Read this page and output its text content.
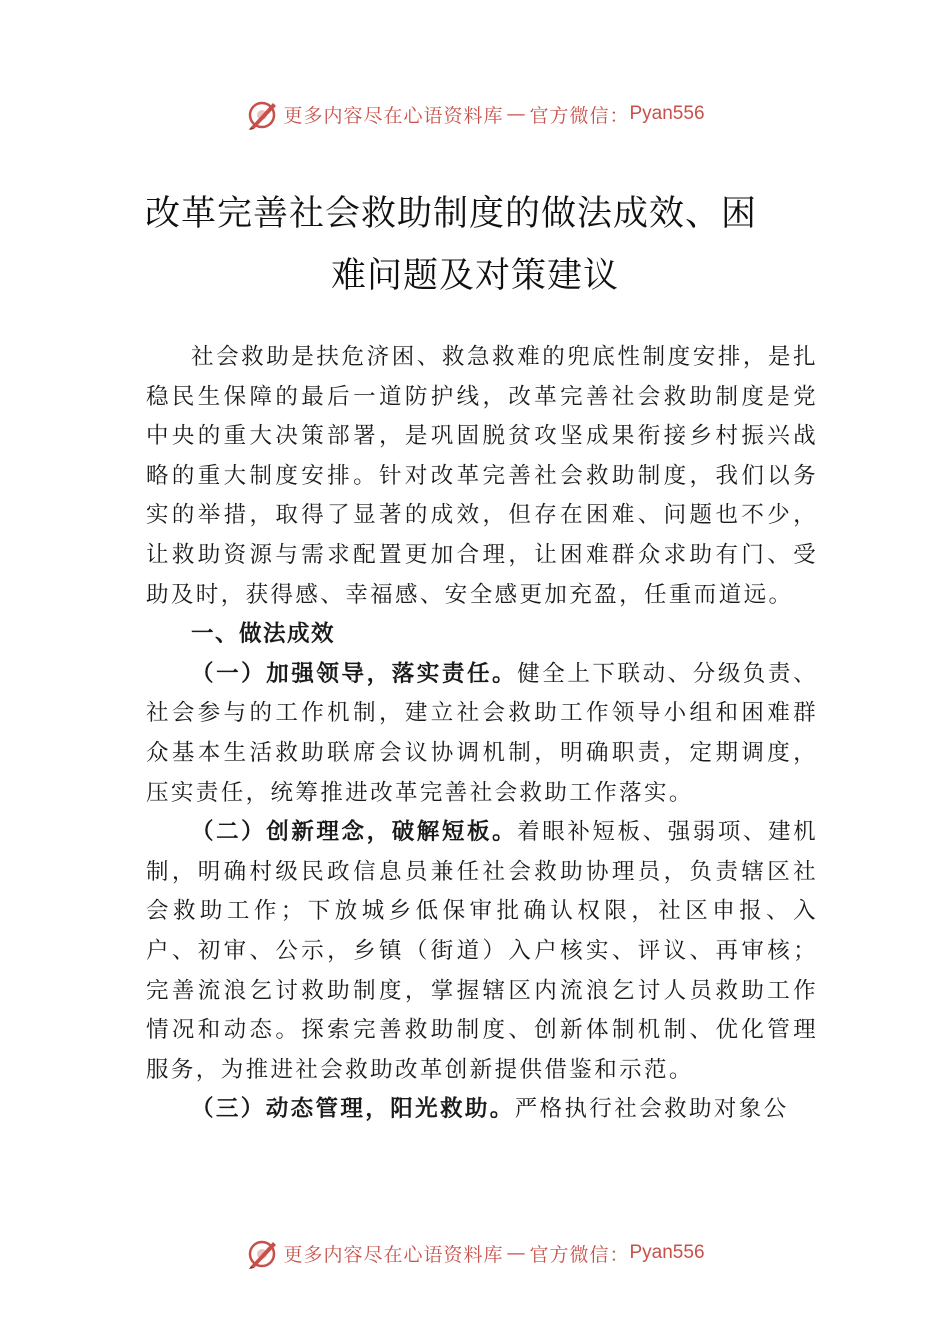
更多内容尽在心语资料库 — 官方微信： Pyan556
改革完善社会救助制度的做法成效、困
难问题及对策建议

社会救助是扶危济困、救急救难的兜底性制度安排，是扎稳民生保障的最后一道防护线，改革完善社会救助制度是党中央的重大决策部署，是巩固脱贫攻坚成果衔接乡村振兴战略的重大制度安排。针对改革完善社会救助制度，我们以务实的举措，取得了显著的成效，但存在困难、问题也不少，让救助资源与需求配置更加合理，让困难群众求助有门、受助及时，获得感、幸福感、安全感更加充盈，任重而道远。

一、做法成效

（一）加强领导，落实责任。健全上下联动、分级负责、社会参与的工作机制，建立社会救助工作领导小组和困难群众基本生活救助联席会议协调机制，明确职责，定期调度，压实责任，统筹推进改革完善社会救助工作落实。

（二）创新理念，破解短板。着眼补短板、强弱项、建机制，明确村级民政信息员兼任社会救助协理员，负责辖区社会救助工作；下放城乡低保审批确认权限，社区申报、入户、初审、公示，乡镇（街道）入户核实、评议、再审核；完善流浪乞讨救助制度，掌握辖区内流浪乞讨人员救助工作情况和动态。探索完善救助制度、创新体制机制、优化管理服务，为推进社会救助改革创新提供借鉴和示范。

（三）动态管理，阳光救助。严格执行社会救助对象公

更多内容尽在心语资料库 — 官方微信： Pyan556
